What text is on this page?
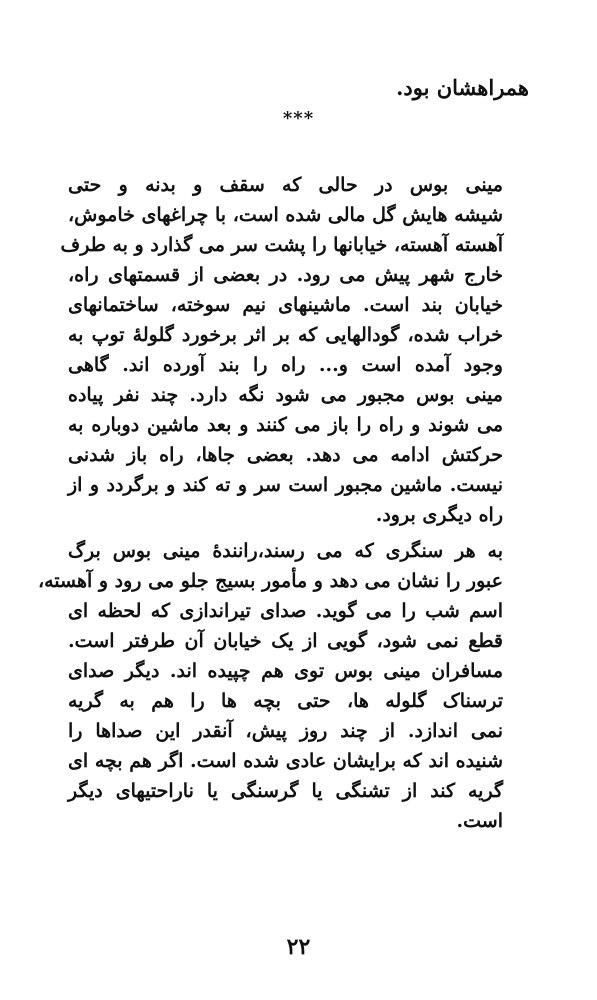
همراهشان بود.
***
مینی بوس در حالی که سقف و بدنه و حتی
شیشه هایش گل مالی شده است، با چراغهای خاموش،
آهسته آهسته، خیابانها را پشت سر می گذارد و به طرف
خارج شهر پیش می رود. در بعضی از قسمتهای راه،
خیابان بند است. ماشینهای نیم سوخته، ساختمانهای
خراب شده، گودالهایی که بر اثر برخورد گلولهٔ توپ به
وجود آمده است و... راه را بند آورده اند. گاهی
مینی بوس مجبور می شود نگه دارد. چند نفر پیاده
می شوند و راه را باز می کنند و بعد ماشین دوباره به
حرکتش ادامه می دهد. بعضی جاها، راه باز شدنی
نیست. ماشین مجبور است سر و ته کند و برگردد و از
راه دیگری برود.
به هر سنگری که می رسند،رانندهٔ مینی بوس برگ
عبور را نشان می دهد و مأمور بسیج جلو می رود و آهسته،
اسم شب را می گوید. صدای تیراندازی که لحظه ای
قطع نمی شود، گویی از یک خیابان آن طرفتر است.
مسافران مینی بوس توی هم چپیده اند. دیگر صدای
ترسناک گلوله ها، حتی بچه ها را هم به گریه
نمی اندازد. از چند روز پیش، آنقدر این صداها را
شنیده اند که برایشان عادی شده است. اگر هم بچه ای
گریه کند از تشنگی یا گرسنگی یا ناراحتیهای دیگر
است.
۲۲
